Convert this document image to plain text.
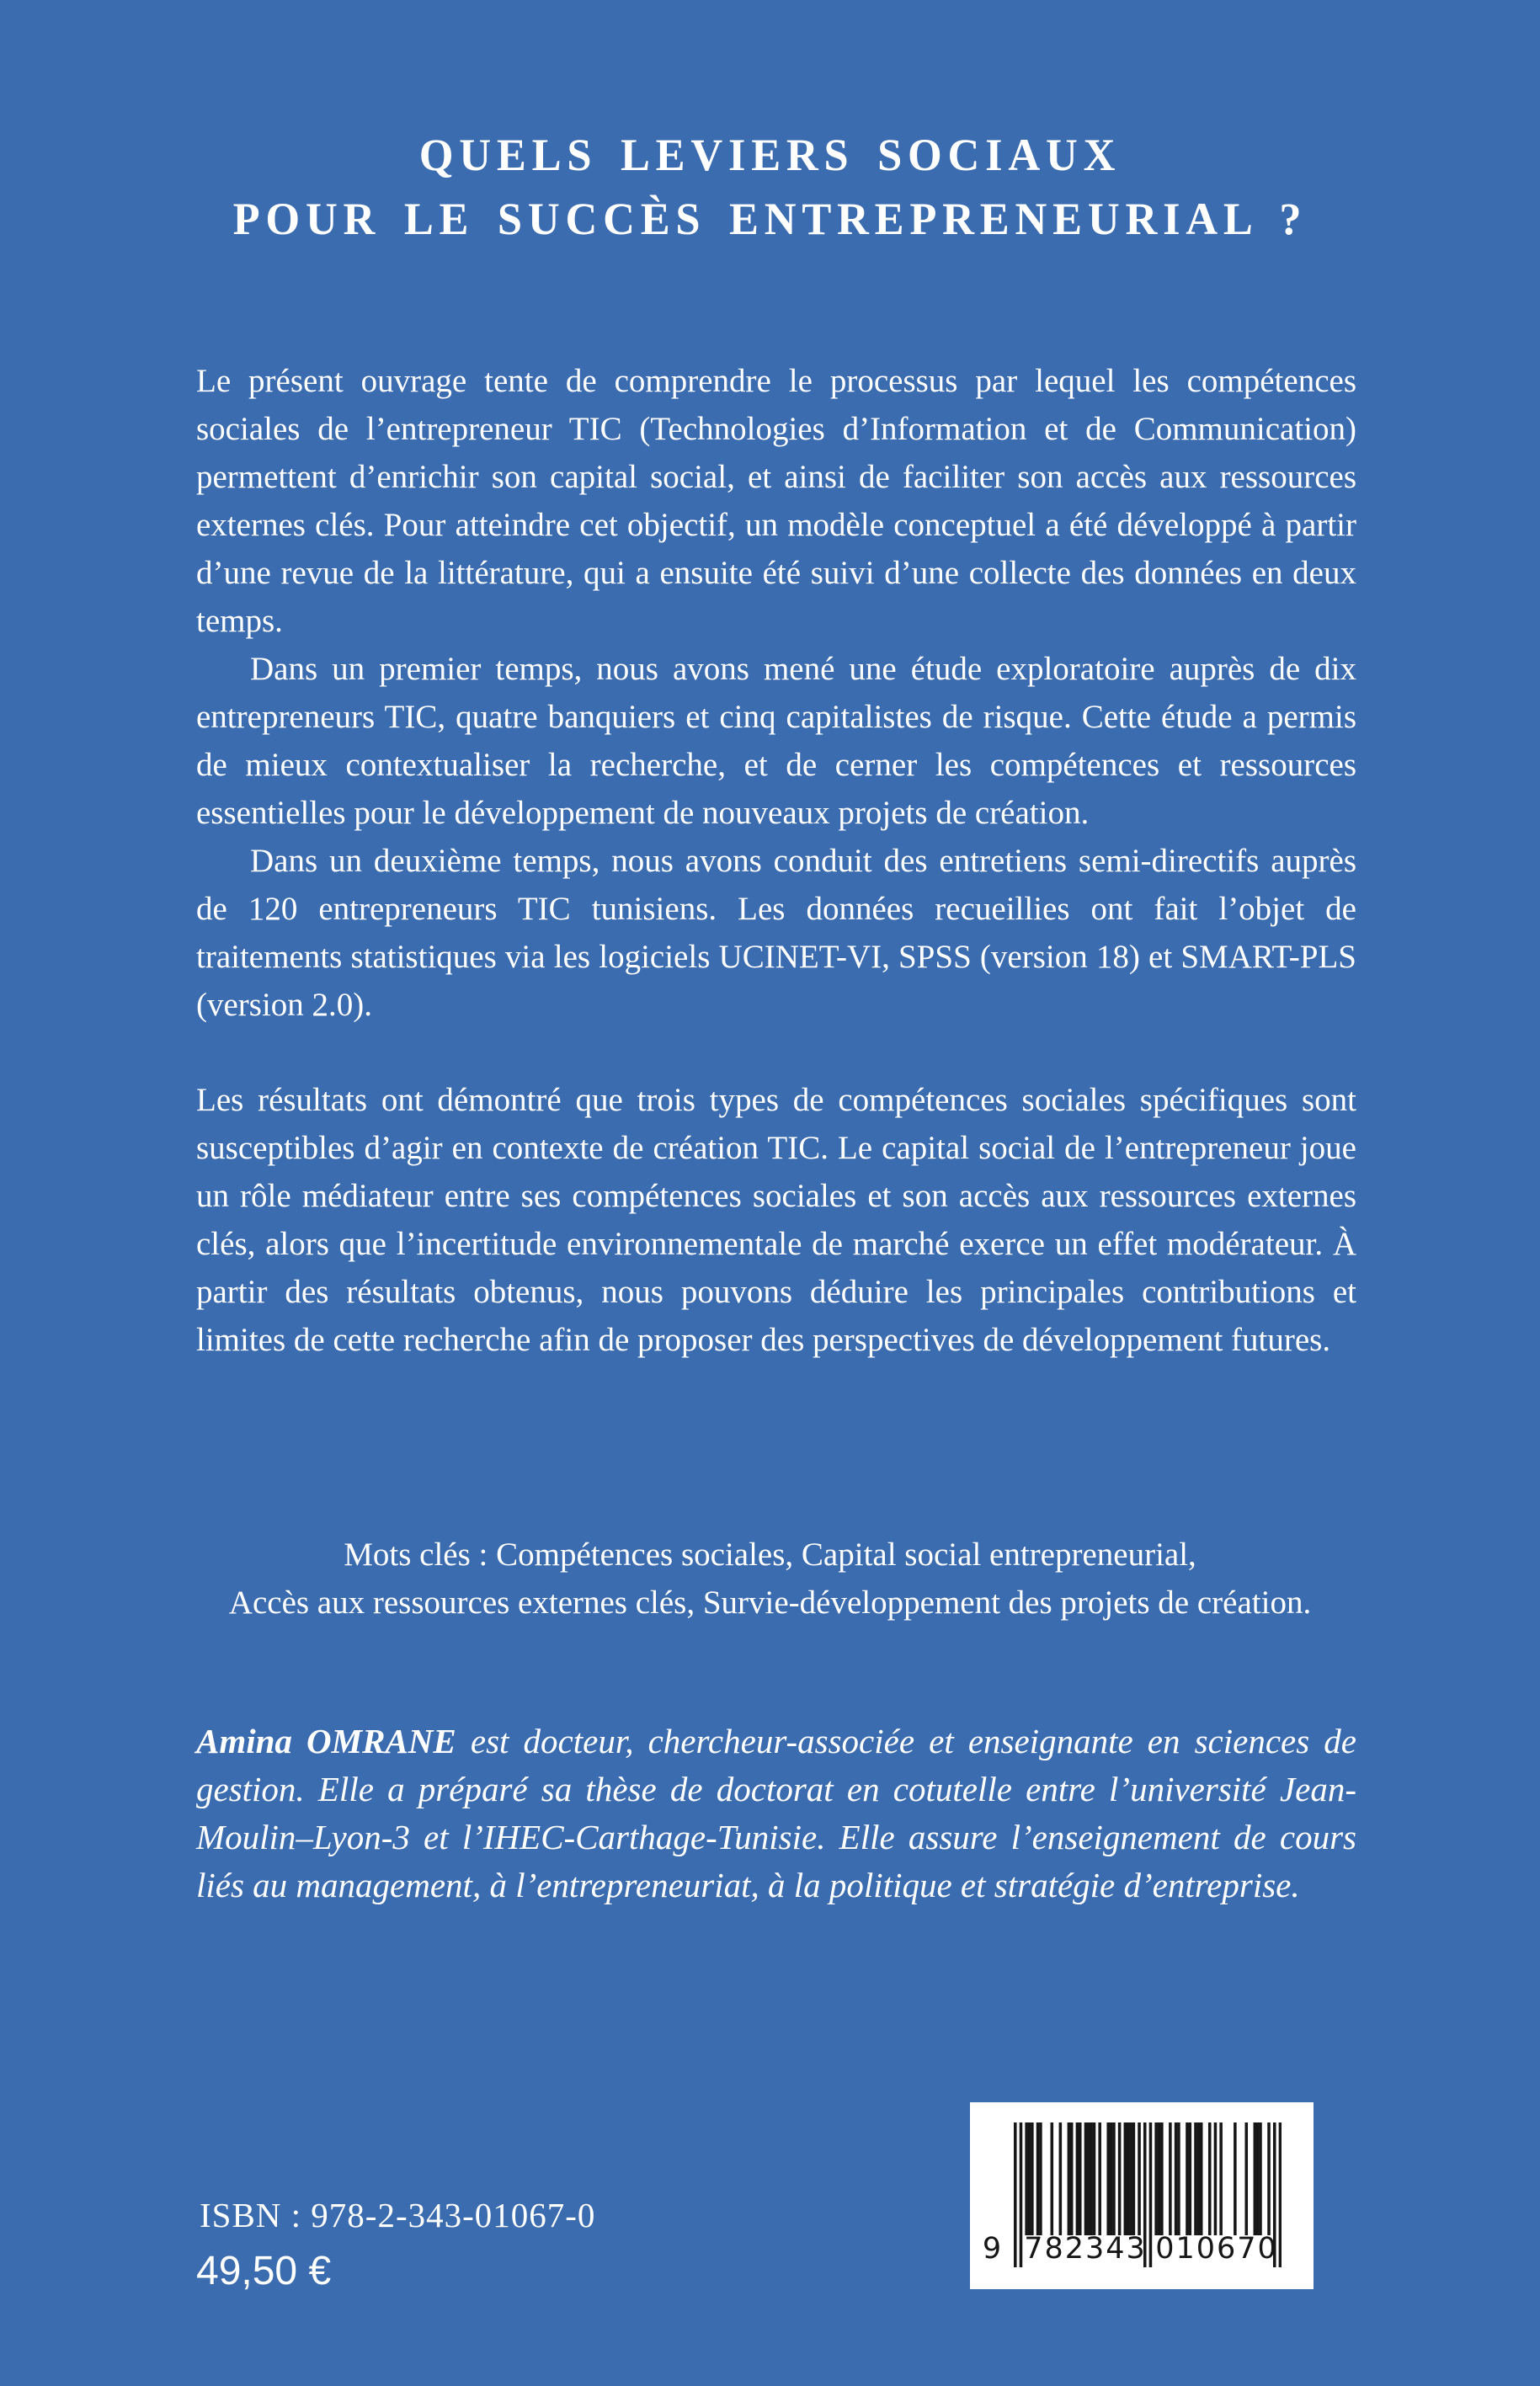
QUELS LEVIERS SOCIAUX
POUR LE SUCCÈS ENTREPRENEURIAL ?

Le présent ouvrage tente de comprendre le processus par lequel les compétences sociales de l’entrepreneur TIC (Technologies d’Information et de Communication) permettent d’enrichir son capital social, et ainsi de faciliter son accès aux ressources externes clés. Pour atteindre cet objectif, un modèle conceptuel a été développé à partir d’une revue de la littérature, qui a ensuite été suivi d’une collecte des données en deux temps.

Dans un premier temps, nous avons mené une étude exploratoire auprès de dix entrepreneurs TIC, quatre banquiers et cinq capitalistes de risque. Cette étude a permis de mieux contextualiser la recherche, et de cerner les compétences et ressources essentielles pour le développement de nouveaux projets de création.

Dans un deuxième temps, nous avons conduit des entretiens semi-directifs auprès de 120 entrepreneurs TIC tunisiens. Les données recueillies ont fait l’objet de traitements statistiques via les logiciels UCINET-VI, SPSS (version 18) et SMART-PLS (version 2.0).

Les résultats ont démontré que trois types de compétences sociales spécifiques sont susceptibles d’agir en contexte de création TIC. Le capital social de l’entrepreneur joue un rôle médiateur entre ses compétences sociales et son accès aux ressources externes clés, alors que l’incertitude environnementale de marché exerce un effet modérateur. À partir des résultats obtenus, nous pouvons déduire les principales contributions et limites de cette recherche afin de proposer des perspectives de développement futures.

Mots clés : Compétences sociales, Capital social entrepreneurial,
Accès aux ressources externes clés, Survie-développement des projets de création.

Amina OMRANE est docteur, chercheur-associée et enseignante en sciences de gestion. Elle a préparé sa thèse de doctorat en cotutelle entre l’université Jean-Moulin–Lyon-3 et l’IHEC-Carthage-Tunisie. Elle assure l’enseignement de cours liés au management, à l’entrepreneuriat, à la politique et stratégie d’entreprise.

ISBN : 978-2-343-01067-0
49,50 €	9 782343 010670
